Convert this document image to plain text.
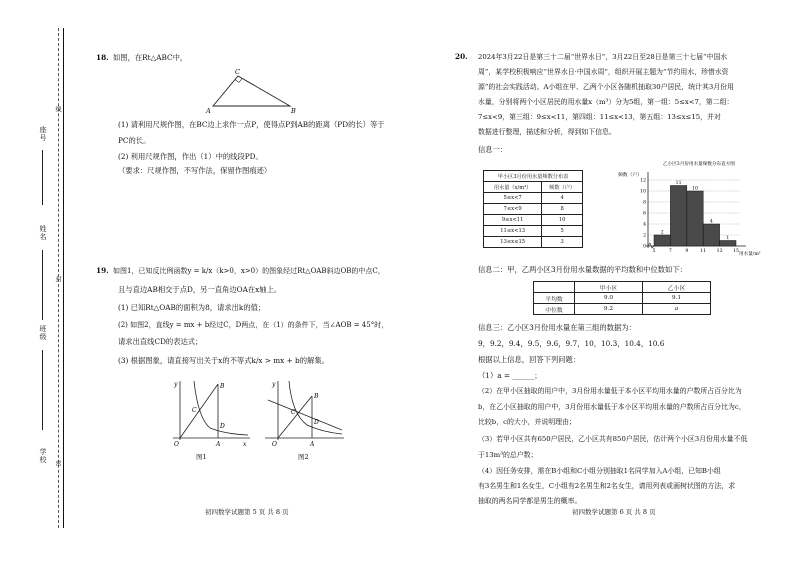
座号
姓名
班级
学校
线
封
密
18. 如图，在Rt△ABC中，
A	B
C
(1) 请利用尺规作图，在BC边上求作一点P，使得点P到AB的距离（PD的长）等于
PC的长。
(2) 利用尺规作图，作出（1）中的线段PD。
（要求：尺规作图，不写作法，保留作图痕迹）
19. 如图1，已知反比例函数y = k/x（k>0，x>0）的图象经过Rt△OAB斜边OB的中点C，
且与直边AB相交于点D，另一直角边OA在x轴上。
(1) 已知Rt△OAB的面积为8，请求出k的值；
(2) 如图2，直线y = mx + b经过C，D两点，在（1）的条件下，当∠AOB = 45°时，
请求出直线CD的表达式；
(3) 根据图象，请直接写出关于x的不等式k/x > mx + b的解集。
y
x
O	A
B
C
D
图1
y
O	A
B
C
D
图2
初四数学试题第 5 页 共 8 页
20. 2024年3月22日是第三十二届“世界水日”，3月22日至28日是第三十七届“中国水
周”，某学校积极响应“世界水日·中国水周”，组织开展主题为“节约用水，珍惜水资
源”的社会实践活动。A小组在甲、乙两个小区各随机抽取30户居民，统计其3月份用
水量，分别将两个小区居民的用水量x（m³）分为5组，第一组：5≤x<7，第二组：
7≤x<9，第三组：9≤x<11，第四组：11≤x<13，第五组：13≤x≤15，并对
数据进行整理，描述和分析，得到如下信息。
信息一：
甲小区3月份用水量频数分布表	
用水量（x/m³）	频数（户）
5≤x<7	4
7≤x<9	8
9≤x<11	10
11≤x<13	5
13≤x≤15	3
乙小区3月份用水量频数分布直方图
频数（户）
12
10
8
6
4
2
0
5	7	9	11 13 15
2
11
10
4
1
用水量/m³
信息二：甲，乙两小区3月份用水量数据的平均数和中位数如下：
	甲小区	乙小区
平均数	9.0	9.1
中位数	9.2	a
信息三：乙小区3月份用水量在第三组的数据为：
9，9.2，9.4，9.5，9.6，9.7，10，10.3，10.4，10.6
根据以上信息，回答下列问题：
（1）a = ______；
（2）在甲小区抽取的用户中，3月份用水量低于本小区平均用水量的户数所占百分比为
b，在乙小区抽取的用户中，3月份用水量低于本小区平均用水量的户数所占百分比为c，
比较b，c的大小，并说明理由；
（3）若甲小区共有650户居民，乙小区共有850户居民，估计两个小区3月份用水量不低
于13m³的总户数；
（4）因任务安排，需在B小组和C小组分别抽取1名同学加入A小组，已知B小组
有3名男生和1名女生，C小组有2名男生和2名女生，请用列表或画树状图的方法，求
抽取的两名同学都是男生的概率。
初四数学试题第 6 页 共 8 页
